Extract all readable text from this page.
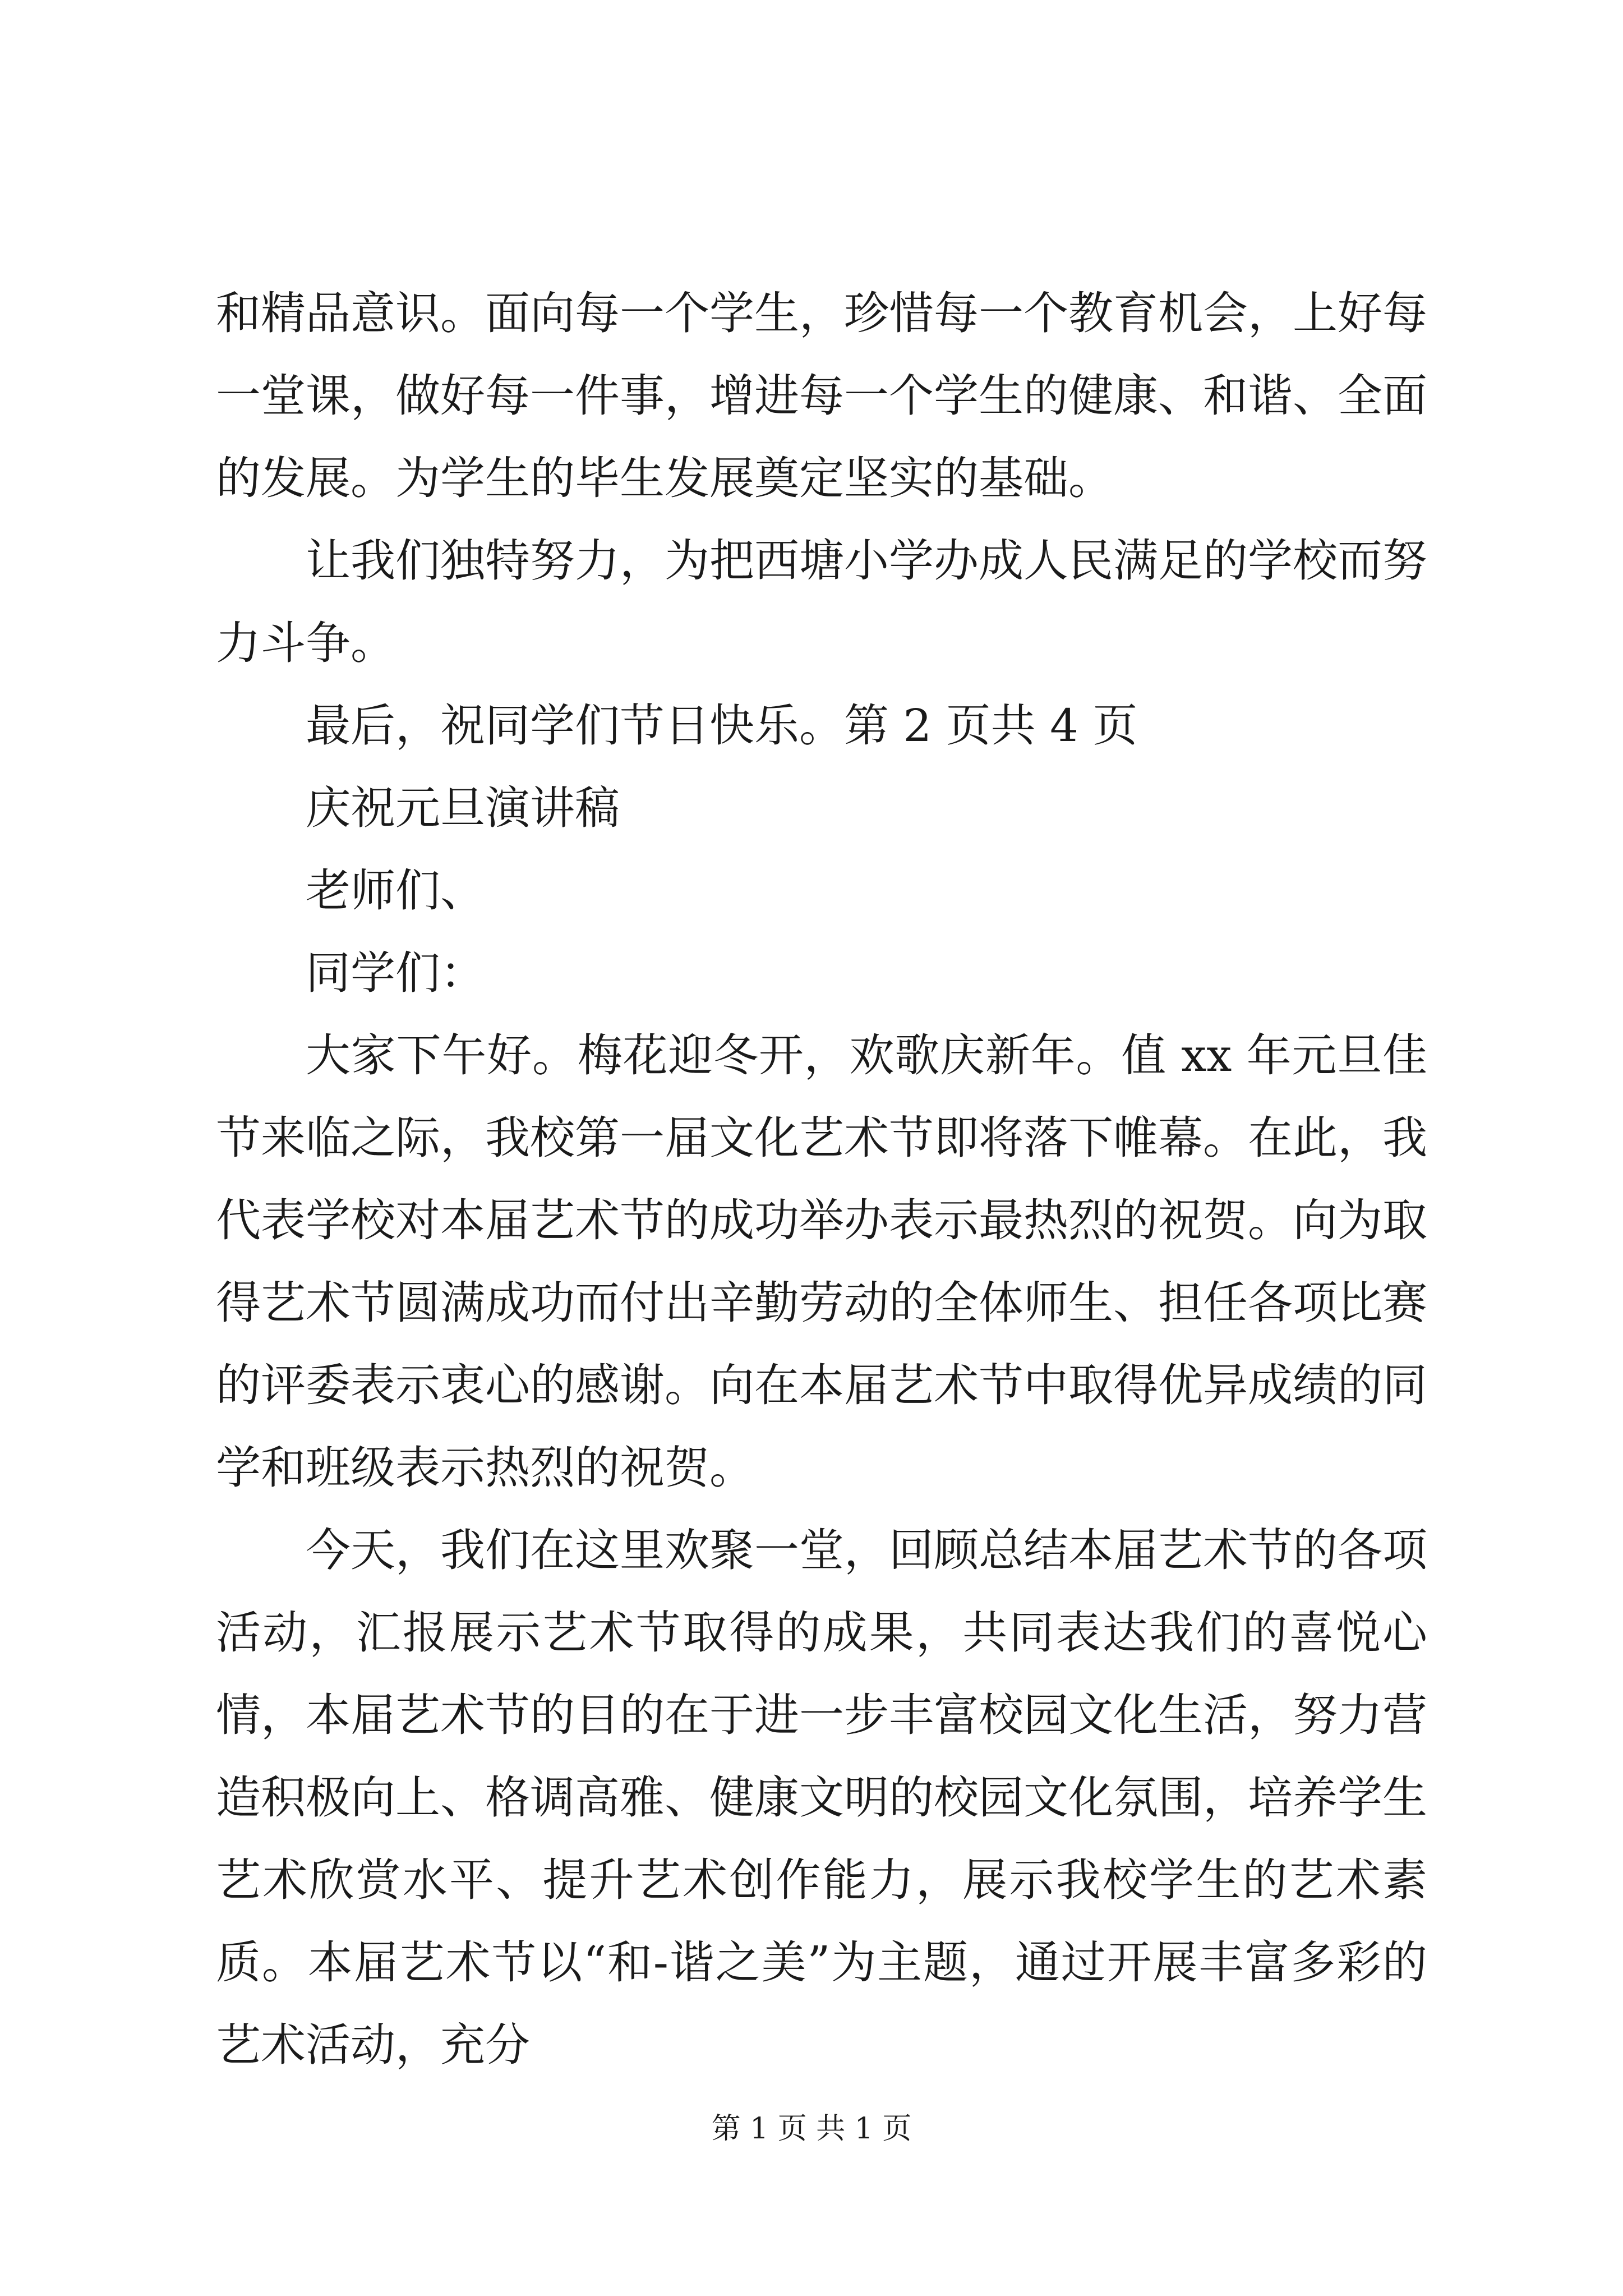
和精品意识。面向每一个学生，珍惜每一个教育机会，上好每一堂课，做好每一件事，增进每一个学生的健康、和谐、全面的发展。为学生的毕生发展奠定坚实的基础。

让我们独特努力，为把西塘小学办成人民满足的学校而努力斗争。

最后，祝同学们节日快乐。第 2 页共 4 页

庆祝元旦演讲稿

老师们、

同学们：

大家下午好。梅花迎冬开，欢歌庆新年。值 xx 年元旦佳节来临之际，我校第一届文化艺术节即将落下帷幕。在此，我代表学校对本届艺术节的成功举办表示最热烈的祝贺。向为取得艺术节圆满成功而付出辛勤劳动的全体师生、担任各项比赛的评委表示衷心的感谢。向在本届艺术节中取得优异成绩的同学和班级表示热烈的祝贺。

今天，我们在这里欢聚一堂，回顾总结本届艺术节的各项活动，汇报展示艺术节取得的成果，共同表达我们的喜悦心情，本届艺术节的目的在于进一步丰富校园文化生活，努力营造积极向上、格调高雅、健康文明的校园文化氛围，培养学生艺术欣赏水平、提升艺术创作能力，展示我校学生的艺术素质。本届艺术节以“和-谐之美”为主题，通过开展丰富多彩的艺术活动，充分

第 1 页 共 1 页
